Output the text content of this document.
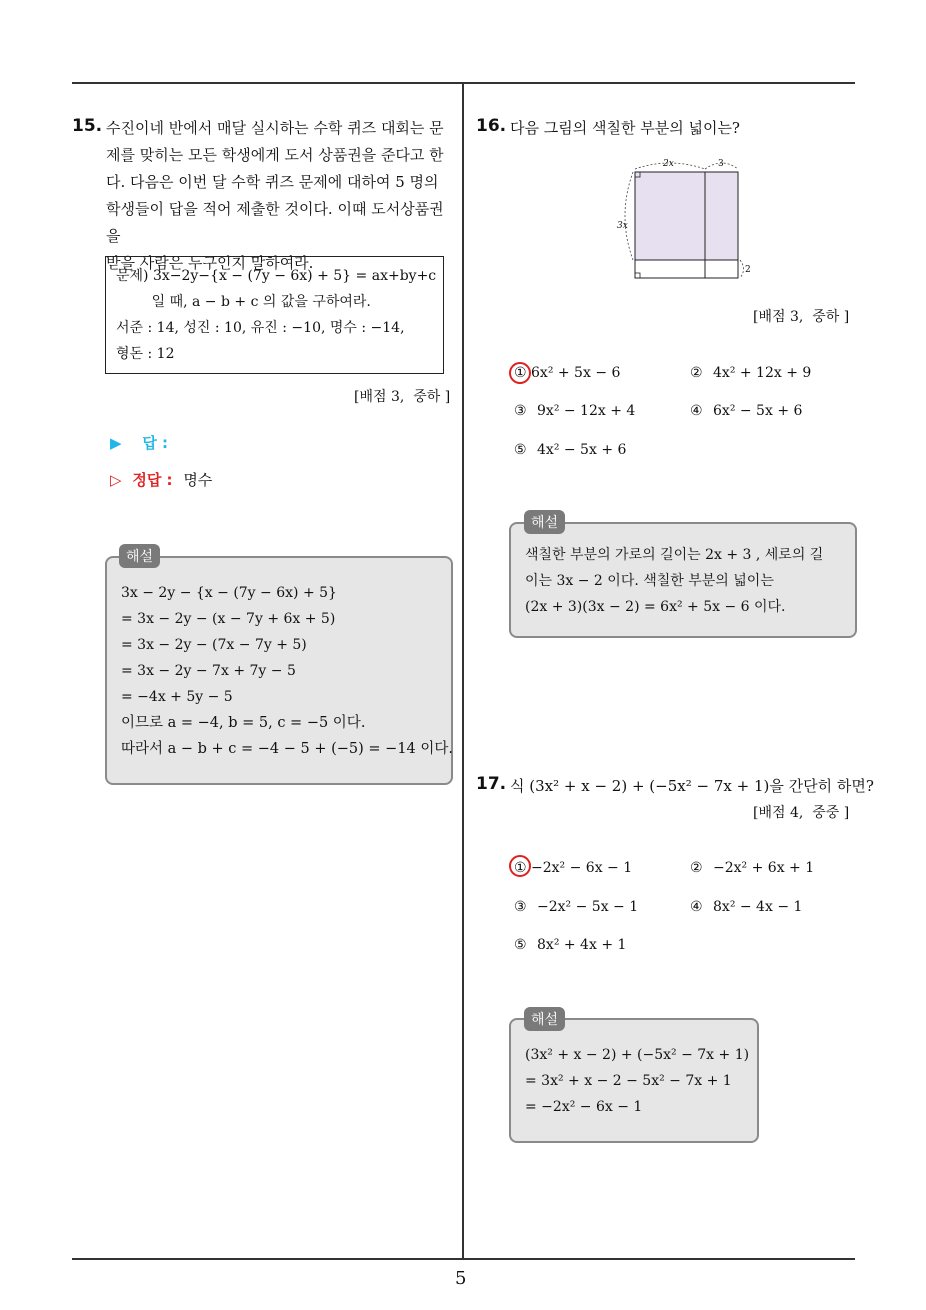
5
15. 수진이네 반에서 매달 실시하는 수학 퀴즈 대회는 문
제를 맞히는 모든 학생에게 도서 상품권을 준다고 한
다. 다음은 이번 달 수학 퀴즈 문제에 대하여 5 명의
학생들이 답을 적어 제출한 것이다. 이때 도서상품권을
받을 사람은 누구인지 말하여라.
문제) 3x−2y−{x − (7y − 6x) + 5} = ax+by+c
일 때, a − b + c 의 값을 구하여라.
서준 : 14, 성진 : 10, 유진 : −10, 명수 : −14,
형돈 : 12
[배점 3,  중하 ]
▶ 답 :
▷ 정답 : 명수
3x − 2y − {x − (7y − 6x) + 5}
= 3x − 2y − (x − 7y + 6x + 5)
= 3x − 2y − (7x − 7y + 5)
= 3x − 2y − 7x + 7y − 5
= −4x + 5y − 5
이므로 a = −4, b = 5, c = −5 이다.
따라서 a − b + c = −4 − 5 + (−5) = −14 이다.
해설
16. 다음 그림의 색칠한 부분의 넓이는?
2x	3
3x
2
[배점 3,  중하 ]
① 6x² + 5x − 6	② 4x² + 12x + 9
③ 9x² − 12x + 4	④ 6x² − 5x + 6
⑤ 4x² − 5x + 6
색칠한 부분의 가로의 길이는 2x + 3 , 세로의 길
이는 3x − 2 이다. 색칠한 부분의 넓이는
(2x + 3)(3x − 2) = 6x² + 5x − 6 이다.
해설
17. 식 (3x² + x − 2) + (−5x² − 7x + 1)을 간단히 하면?
[배점 4,  중중 ]
① −2x² − 6x − 1	② −2x² + 6x + 1
③ −2x² − 5x − 1	④ 8x² − 4x − 1
⑤ 8x² + 4x + 1
(3x² + x − 2) + (−5x² − 7x + 1)
= 3x² + x − 2 − 5x² − 7x + 1
= −2x² − 6x − 1
해설
